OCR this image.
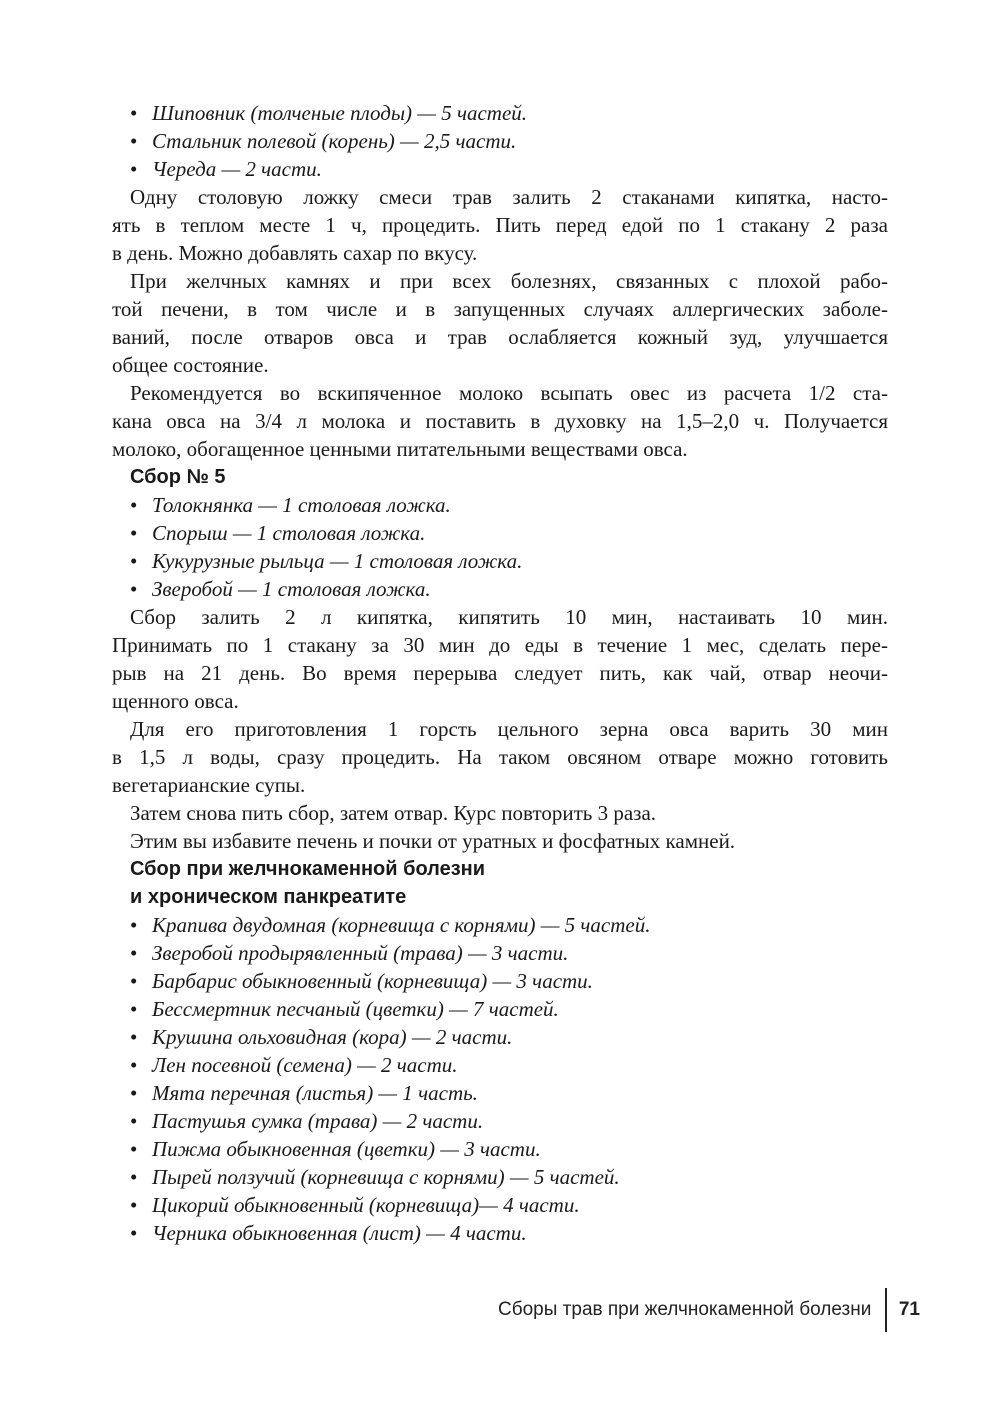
• Шиповник (толченые плоды) — 5 частей.
• Стальник полевой (корень) — 2,5 части.
• Череда — 2 части.
Одну столовую ложку смеси трав залить 2 стаканами кипятка, насто-
ять в теплом месте 1 ч, процедить. Пить перед едой по 1 стакану 2 раза
в день. Можно добавлять сахар по вкусу.
При желчных камнях и при всех болезнях, связанных с плохой рабо-
той печени, в том числе и в запущенных случаях аллергических заболе-
ваний, после отваров овса и трав ослабляется кожный зуд, улучшается
общее состояние.
Рекомендуется во вскипяченное молоко всыпать овес из расчета 1/2 ста-
кана овса на 3/4 л молока и поставить в духовку на 1,5–2,0 ч. Получается
молоко, обогащенное ценными питательными веществами овса.
Сбор № 5
• Толокнянка — 1 столовая ложка.
• Спорыш — 1 столовая ложка.
• Кукурузные рыльца — 1 столовая ложка.
• Зверобой — 1 столовая ложка.
Сбор залить 2 л кипятка, кипятить 10 мин, настаивать 10 мин.
Принимать по 1 стакану за 30 мин до еды в течение 1 мес, сделать пере-
рыв на 21 день. Во время перерыва следует пить, как чай, отвар неочи-
щенного овса.
Для его приготовления 1 горсть цельного зерна овса варить 30 мин
в 1,5 л воды, сразу процедить. На таком овсяном отваре можно готовить
вегетарианские супы.
Затем снова пить сбор, затем отвар. Курс повторить 3 раза.
Этим вы избавите печень и почки от уратных и фосфатных камней.
Сбор при желчнокаменной болезни
и хроническом панкреатите
• Крапива двудомная (корневища с корнями) — 5 частей.
• Зверобой продырявленный (трава) — 3 части.
• Барбарис обыкновенный (корневища) — 3 части.
• Бессмертник песчаный (цветки) — 7 частей.
• Крушина ольховидная (кора) — 2 части.
• Лен посевной (семена) — 2 части.
• Мята перечная (листья) — 1 часть.
• Пастушья сумка (трава) — 2 части.
• Пижма обыкновенная (цветки) — 3 части.
• Пырей ползучий (корневища с корнями) — 5 частей.
• Цикорий обыкновенный (корневища)— 4 части.
• Черника обыкновенная (лист) — 4 части.
Сборы трав при желчнокаменной болезни 71
